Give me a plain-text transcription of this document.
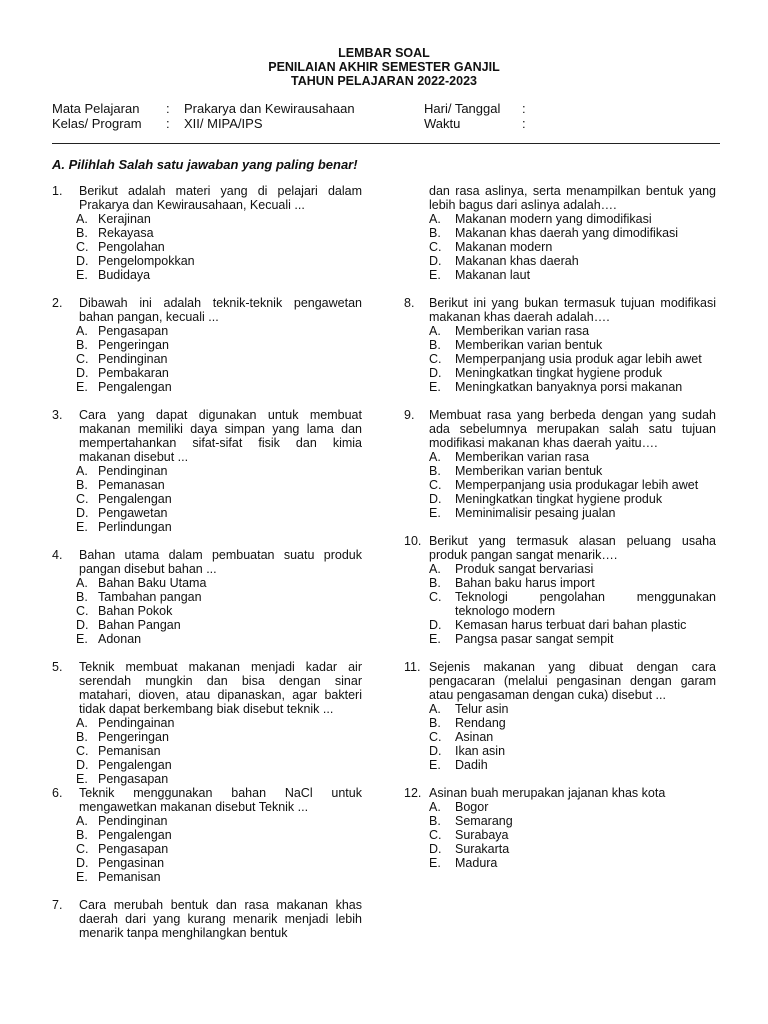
LEMBAR SOAL
PENILAIAN AKHIR SEMESTER GANJIL
TAHUN PELAJARAN 2022-2023
Mata Pelajaran : Prakarya dan Kewirausahaan	Hari/ Tanggal :
Kelas/ Program : XII/ MIPA/IPS	Waktu	:
A. Pilihlah Salah satu jawaban yang paling benar!
1. Berikut adalah materi yang di pelajari dalam Prakarya dan Kewirausahaan, Kecuali ...
A. Kerajinan
B. Rekayasa
C. Pengolahan
D. Pengelompokkan
E. Budidaya
2. Dibawah ini adalah teknik-teknik pengawetan bahan pangan, kecuali ...
A. Pengasapan
B. Pengeringan
C. Pendinginan
D. Pembakaran
E. Pengalengan
3. Cara yang dapat digunakan untuk membuat makanan memiliki daya simpan yang lama dan mempertahankan sifat-sifat fisik dan kimia makanan disebut ...
A. Pendinginan
B. Pemanasan
C. Pengalengan
D. Pengawetan
E. Perlindungan
4. Bahan utama dalam pembuatan suatu produk pangan disebut bahan ...
A. Bahan Baku Utama
B. Tambahan pangan
C. Bahan Pokok
D. Bahan Pangan
E. Adonan
5. Teknik membuat makanan menjadi kadar air serendah mungkin dan bisa dengan sinar matahari, dioven, atau dipanaskan, agar bakteri tidak dapat berkembang biak disebut teknik ...
A. Pendingainan
B. Pengeringan
C. Pemanisan
D. Pengalengan
E. Pengasapan
6. Teknik menggunakan bahan NaCl untuk mengawetkan makanan disebut Teknik ...
A. Pendinginan
B. Pengalengan
C. Pengasapan
D. Pengasinan
E. Pemanisan
7. Cara merubah bentuk dan rasa makanan khas daerah dari yang kurang menarik menjadi lebih menarik tanpa menghilangkan bentuk
dan rasa aslinya, serta menampilkan bentuk yang lebih bagus dari aslinya adalah….
A. Makanan modern yang dimodifikasi
B. Makanan khas daerah yang dimodifikasi
C. Makanan modern
D. Makanan khas daerah
E. Makanan laut
8. Berikut ini yang bukan termasuk tujuan modifikasi makanan khas daerah adalah….
A. Memberikan varian rasa
B. Memberikan varian bentuk
C. Memperpanjang usia produk agar lebih awet
D. Meningkatkan tingkat hygiene produk
E. Meningkatkan banyaknya porsi makanan
9. Membuat rasa yang berbeda dengan yang sudah ada sebelumnya merupakan salah satu tujuan modifikasi makanan khas daerah yaitu….
A. Memberikan varian rasa
B. Memberikan varian bentuk
C. Memperpanjang usia produkagar lebih awet
D. Meningkatkan tingkat hygiene produk
E. Meminimalisir pesaing jualan
10. Berikut yang termasuk alasan peluang usaha produk pangan sangat menarik….
A. Produk sangat bervariasi
B. Bahan baku harus import
C. Teknologi pengolahan menggunakan teknologo modern
D. Kemasan harus terbuat dari bahan plastic
E. Pangsa pasar sangat sempit
11. Sejenis makanan yang dibuat dengan cara pengacaran (melalui pengasinan dengan garam atau pengasaman dengan cuka) disebut ...
A. Telur asin
B. Rendang
C. Asinan
D. Ikan asin
E. Dadih
12. Asinan buah merupakan jajanan khas kota
A. Bogor
B. Semarang
C. Surabaya
D. Surakarta
E. Madura
